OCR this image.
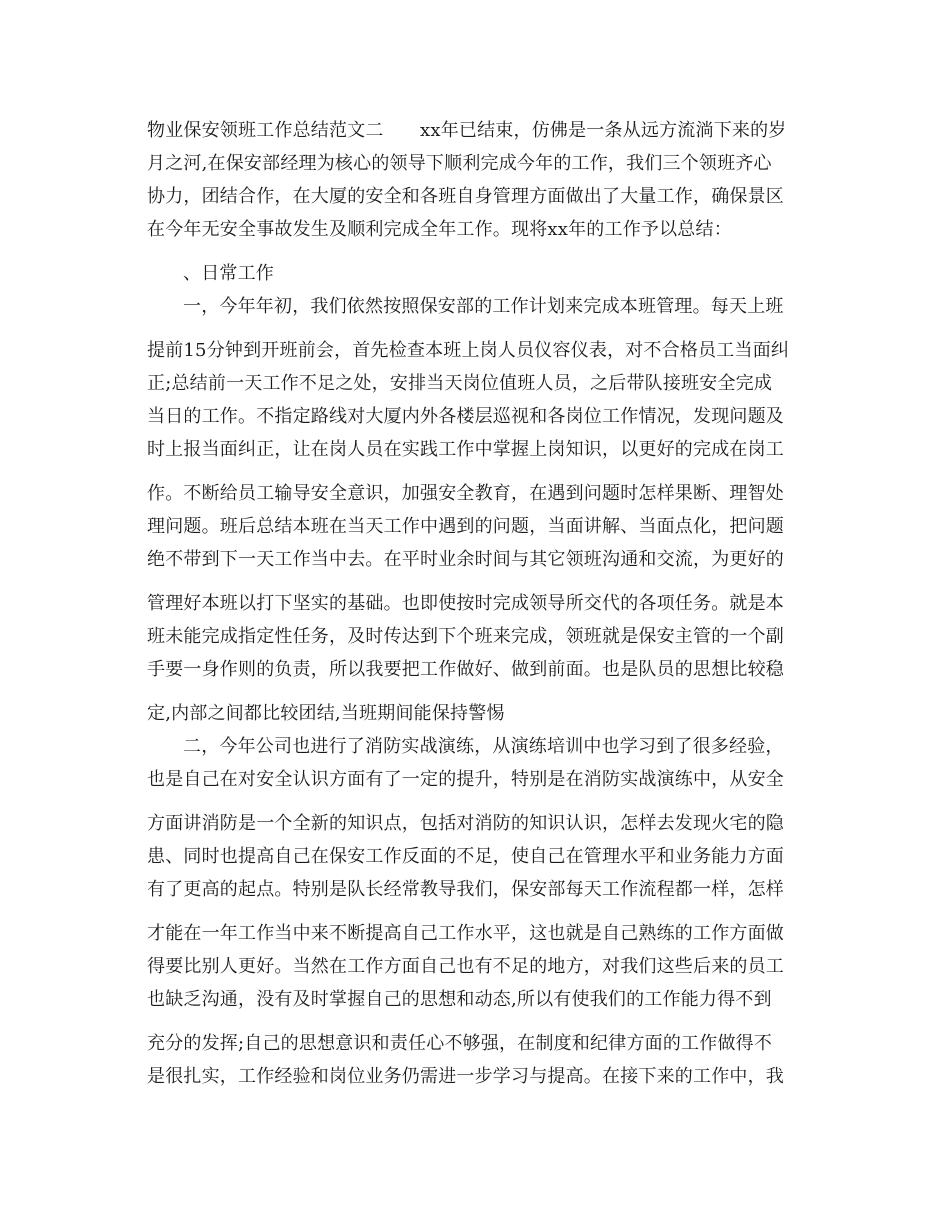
物业保安领班工作总结范文二　　xx年已结束，仿佛是一条从远方流淌下来的岁
月之河,在保安部经理为核心的领导下顺利完成今年的工作，我们三个领班齐心
协力，团结合作，在大厦的安全和各班自身管理方面做出了大量工作，确保景区
在今年无安全事故发生及顺利完成全年工作。现将xx年的工作予以总结：
、日常工作
一，今年年初，我们依然按照保安部的工作计划来完成本班管理。每天上班
提前15分钟到开班前会，首先检查本班上岗人员仪容仪表，对不合格员工当面纠
正;总结前一天工作不足之处，安排当天岗位值班人员，之后带队接班安全完成
当日的工作。不指定路线对大厦内外各楼层巡视和各岗位工作情况，发现问题及
时上报当面纠正，让在岗人员在实践工作中掌握上岗知识，以更好的完成在岗工
作。不断给员工输导安全意识，加强安全教育，在遇到问题时怎样果断、理智处
理问题。班后总结本班在当天工作中遇到的问题，当面讲解、当面点化，把问题
绝不带到下一天工作当中去。在平时业余时间与其它领班沟通和交流，为更好的
管理好本班以打下坚实的基础。也即使按时完成领导所交代的各项任务。就是本
班未能完成指定性任务，及时传达到下个班来完成，领班就是保安主管的一个副
手要一身作则的负责，所以我要把工作做好、做到前面。也是队员的思想比较稳
定,内部之间都比较团结,当班期间能保持警惕
二，今年公司也进行了消防实战演练，从演练培训中也学习到了很多经验，
也是自己在对安全认识方面有了一定的提升，特别是在消防实战演练中，从安全
方面讲消防是一个全新的知识点，包括对消防的知识认识，怎样去发现火宅的隐
患、同时也提高自己在保安工作反面的不足，使自己在管理水平和业务能力方面
有了更高的起点。特别是队长经常教导我们，保安部每天工作流程都一样，怎样
才能在一年工作当中来不断提高自己工作水平，这也就是自己熟练的工作方面做
得要比别人更好。当然在工作方面自己也有不足的地方，对我们这些后来的员工
也缺乏沟通，没有及时掌握自己的思想和动态,所以有使我们的工作能力得不到
充分的发挥;自己的思想意识和责任心不够强，在制度和纪律方面的工作做得不
是很扎实，工作经验和岗位业务仍需进一步学习与提高。在接下来的工作中，我
